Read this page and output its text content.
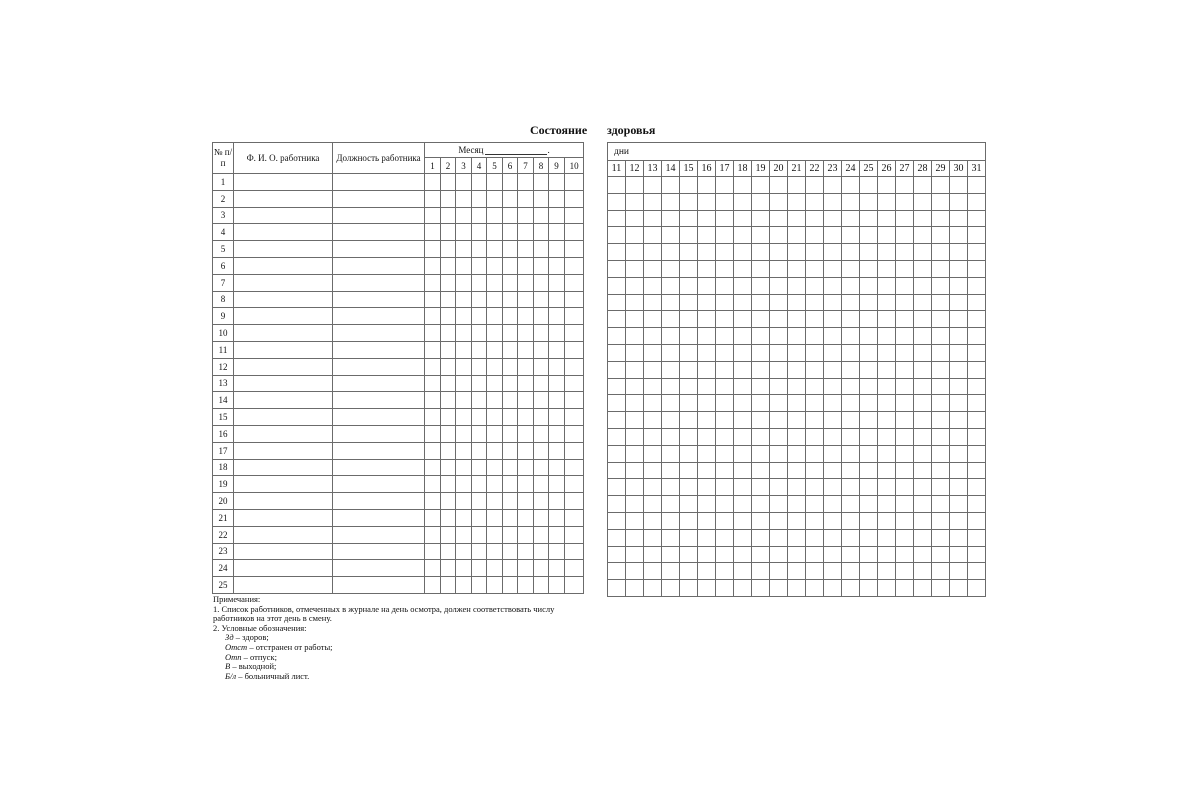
Состояние здоровья
№ п/п	Ф. И. О. работника	Должность работника	Месяц .									
			1	2	3	4	5	6	7	8	9	10
1												
2												
3												
4												
5												
6												
7												
8												
9												
10												
11												
12												
13												
14												
15												
16												
17												
18												
19												
20												
21												
22												
23												
24												
25												
дни																				
11	12	13	14	15	16	17	18	19	20	21	22	23	24	25	26	27	28	29	30	31

Примечания:
1. Список работников, отмеченных в журнале на день осмотра, должен соответствовать числу работников на этот день в смену.
2. Условные обозначения:
Зд – здоров;
Отст – отстранен от работы;
Отп – отпуск;
В – выходной;
Б/л – больничный лист.
